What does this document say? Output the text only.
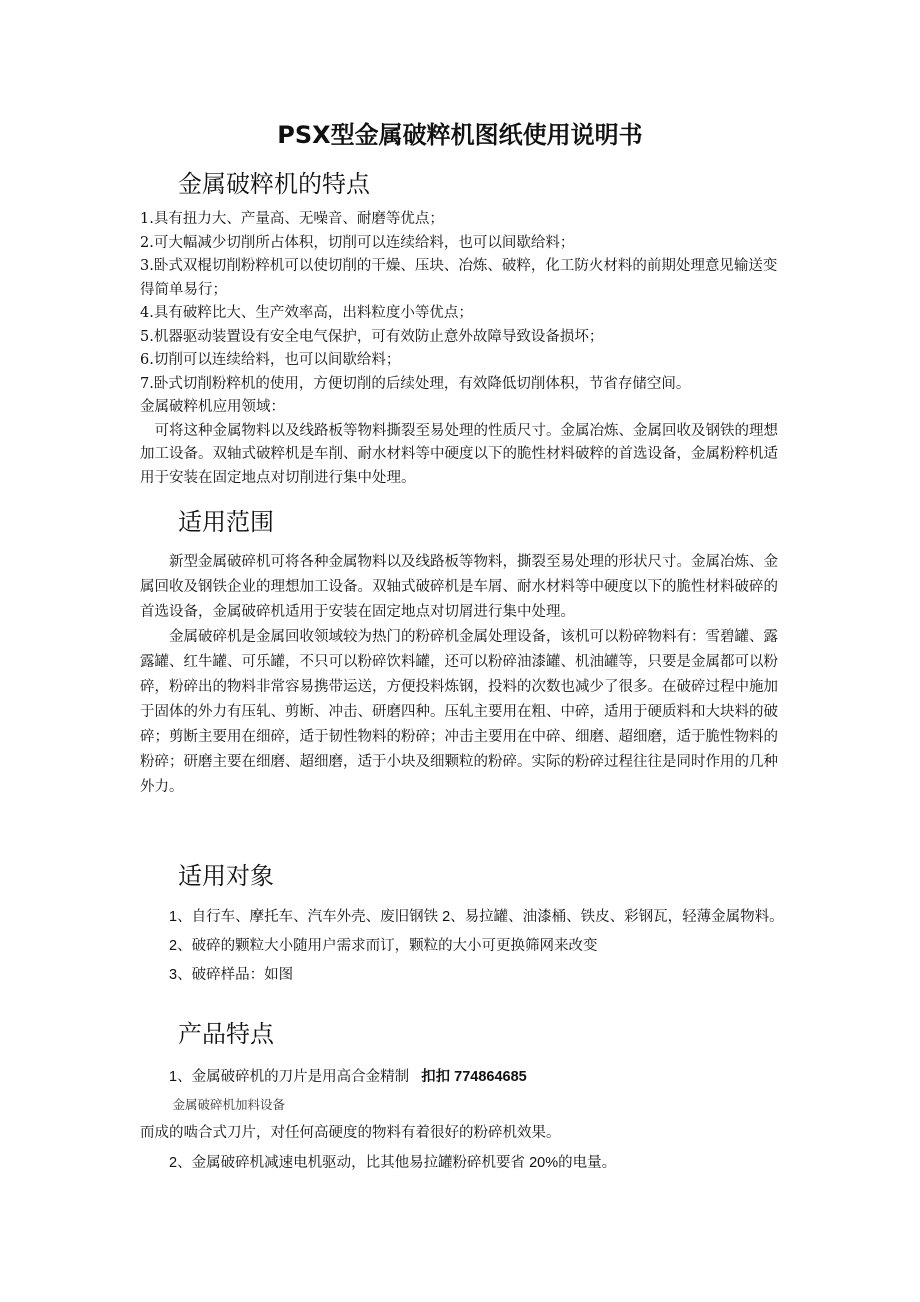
PSX型金属破粹机图纸使用说明书
金属破粹机的特点

1.具有扭力大、产量高、无噪音、耐磨等优点；

2.可大幅减少切削所占体积，切削可以连续给料，也可以间歇给料；

3.卧式双棍切削粉粹机可以使切削的干燥、压块、冶炼、破粹，化工防火材料的前期处理意见输送变得简单易行；

4.具有破粹比大、生产效率高，出料粒度小等优点；

5.机器驱动装置设有安全电气保护，可有效防止意外故障导致设备损坏；

6.切削可以连续给料，也可以间歇给料；

7.卧式切削粉粹机的使用，方便切削的后续处理，有效降低切削体积，节省存储空间。

金属破粹机应用领域：

可将这种金属物料以及线路板等物料撕裂至易处理的性质尺寸。金属冶炼、金属回收及钢铁的理想加工设备。双轴式破粹机是车削、耐水材料等中硬度以下的脆性材料破粹的首选设备，金属粉粹机适用于安装在固定地点对切削进行集中处理。

适用范围

新型金属破碎机可将各种金属物料以及线路板等物料，撕裂至易处理的形状尺寸。金属冶炼、金属回收及钢铁企业的理想加工设备。双轴式破碎机是车屑、耐水材料等中硬度以下的脆性材料破碎的首选设备，金属破碎机适用于安装在固定地点对切屑进行集中处理。

金属破碎机是金属回收领域较为热门的粉碎机金属处理设备，该机可以粉碎物料有：雪碧罐、露露罐、红牛罐、可乐罐，不只可以粉碎饮料罐，还可以粉碎油漆罐、机油罐等，只要是金属都可以粉碎，粉碎出的物料非常容易携带运送，方便投料炼钢，投料的次数也减少了很多。在破碎过程中施加于固体的外力有压轧、剪断、冲击、研磨四种。压轧主要用在粗、中碎，适用于硬质料和大块料的破碎；剪断主要用在细碎，适于韧性物料的粉碎；冲击主要用在中碎、细磨、超细磨，适于脆性物料的粉碎；研磨主要在细磨、超细磨，适于小块及细颗粒的粉碎。实际的粉碎过程往往是同时作用的几种外力。

适用对象

1、自行车、摩托车、汽车外壳、废旧钢铁 2、易拉罐、油漆桶、铁皮、彩钢瓦，轻薄金属物料。

2、破碎的颗粒大小随用户需求而订，颗粒的大小可更换筛网来改变

3、破碎样品：如图

产品特点

1、金属破碎机的刀片是用高合金精制 扣扣 774864685

金属破碎机加料设备

而成的啮合式刀片，对任何高硬度的物料有着很好的粉碎机效果。

2、金属破碎机减速电机驱动，比其他易拉罐粉碎机要省 20%的电量。
